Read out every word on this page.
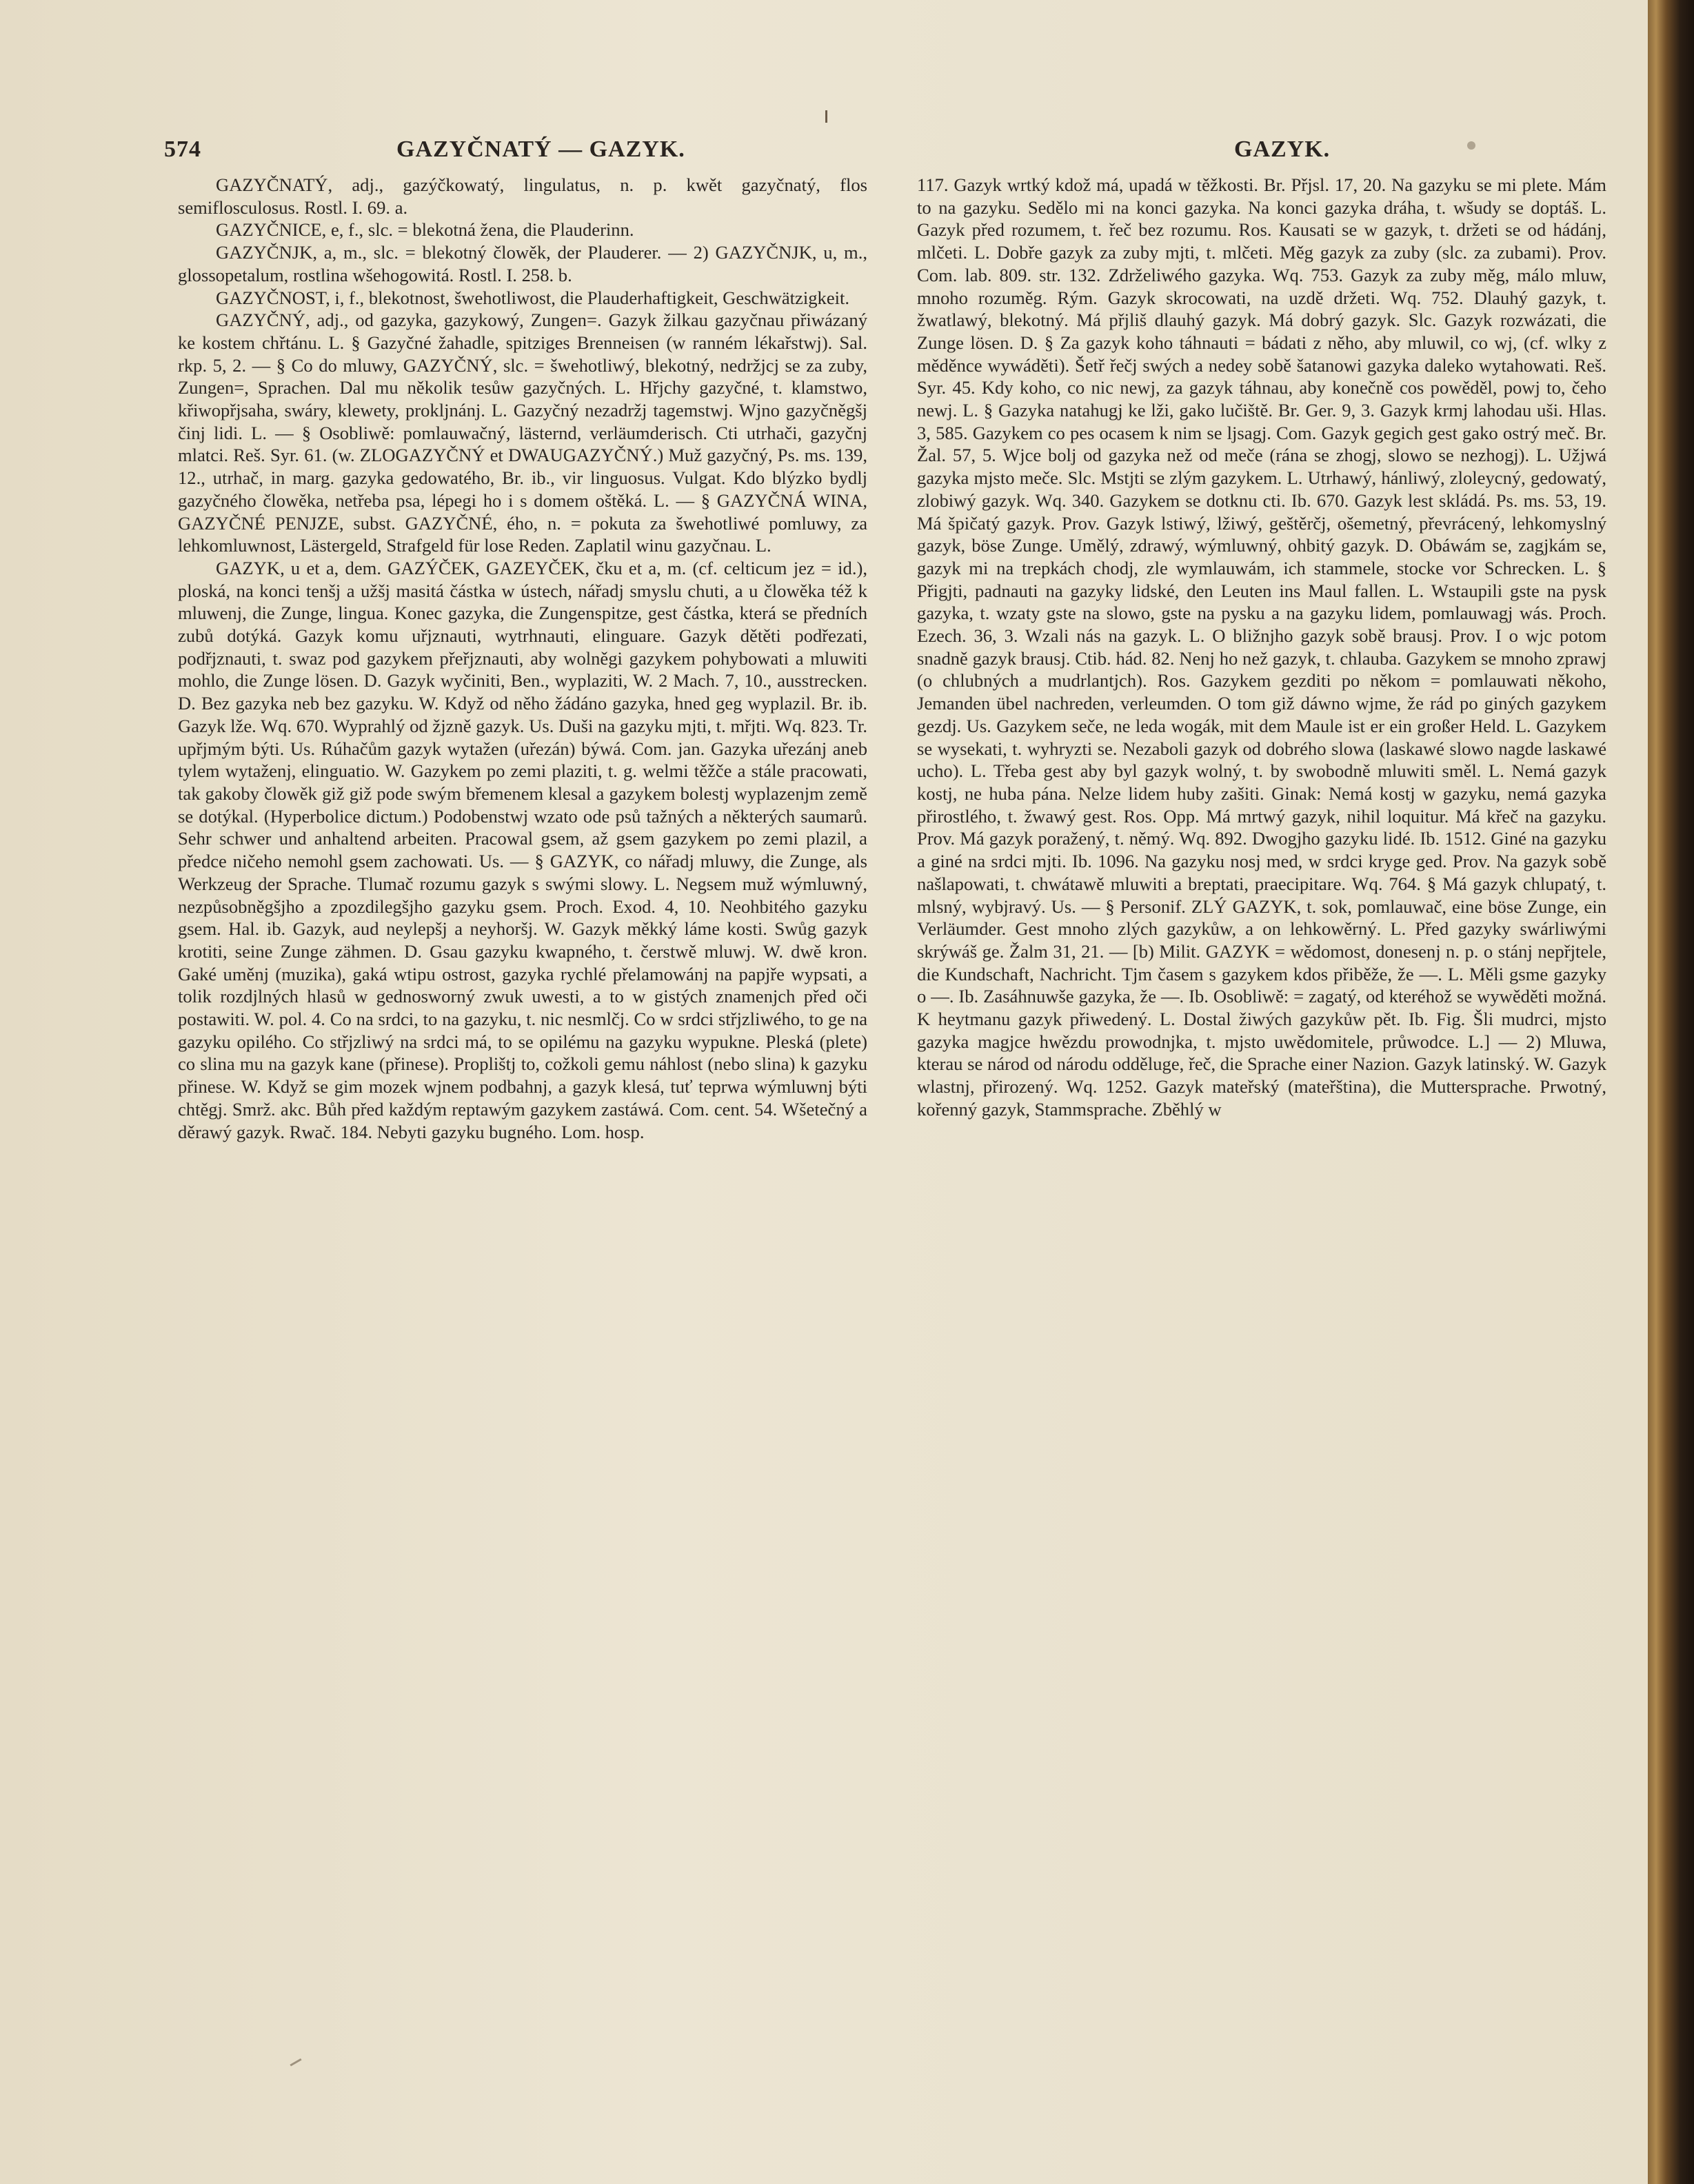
574	GAZYČNATÝ — GAZYK.	GAZYK.

GAZYČNATÝ, adj., gazýčkowatý, lingulatus, n. p. kwět gazyčnatý, flos semiflosculosus. Rostl. I. 69. a.

GAZYČNICE, e, f., slc. = blekotná žena, die Plauderinn.

GAZYČNJK, a, m., slc. = blekotný člowěk, der Plauderer. — 2) GAZYČNJK, u, m., glossopetalum, rostlina wšehogowitá. Rostl. I. 258. b.

GAZYČNOST, i, f., blekotnost, šwehotliwost, die Plauderhaftigkeit, Geschwätzigkeit.

GAZYČNÝ, adj., od gazyka, gazykowý, Zungen=. Gazyk žilkau gazyčnau přiwázaný ke kostem chřtánu. L. § Gazyčné žahadle, spitziges Brenneisen (w ranném lékařstwj). Sal. rkp. 5, 2. — § Co do mluwy, GAZYČNÝ, slc. = šwehotliwý, blekotný, nedržjcj se za zuby, Zungen=, Sprachen. Dal mu několik tesůw gazyčných. L. Hřjchy gazyčné, t. klamstwo, křiwopřjsaha, swáry, klewety, prokljnánj. L. Gazyčný nezadržj tagemstwj. Wjno gazyčněgšj činj lidi. L. — § Osobliwě: pomlauwačný, lästernd, verläumderisch. Cti utrhači, gazyčnj mlatci. Reš. Syr. 61. (w. ZLOGAZYČNÝ et DWAUGAZYČNÝ.) Muž gazyčný, Ps. ms. 139, 12., utrhač, in marg. gazyka gedowatého, Br. ib., vir linguosus. Vulgat. Kdo blýzko bydlj gazyčného člowěka, netřeba psa, lépegi ho i s domem oštěká. L. — § GAZYČNÁ WINA, GAZYČNÉ PENJZE, subst. GAZYČNÉ, ého, n. = pokuta za šwehotliwé pomluwy, za lehkomluwnost, Lästergeld, Strafgeld für lose Reden. Zaplatil winu gazyčnau. L.

GAZYK, u et a, dem. GAZÝČEK, GAZEYČEK, čku et a, m. (cf. celticum jez = id.), ploská, na konci tenšj a užšj masitá částka w ústech, nářadj smyslu chuti, a u člowěka též k mluwenj, die Zunge, lingua. Konec gazyka, die Zungenspitze, gest částka, která se předních zubů dotýká. Gazyk komu uřjznauti, wytrhnauti, elinguare. Gazyk dětěti podřezati, podřjznauti, t. swaz pod gazykem přeřjznauti, aby wolněgi gazykem pohybowati a mluwiti mohlo, die Zunge lösen. D. Gazyk wyčiniti, Ben., wyplaziti, W. 2 Mach. 7, 10., ausstrecken. D. Bez gazyka neb bez gazyku. W. Když od něho žádáno gazyka, hned geg wyplazil. Br. ib. Gazyk lže. Wq. 670. Wyprahlý od žjzně gazyk. Us. Duši na gazyku mjti, t. mřjti. Wq. 823. Tr. upřjmým býti. Us. Rúhačům gazyk wytažen (uřezán) býwá. Com. jan. Gazyka uřezánj aneb tylem wytaženj, elinguatio. W. Gazykem po zemi plaziti, t. g. welmi těžče a stále pracowati, tak gakoby člowěk giž giž pode swým břemenem klesal a gazykem bolestj wyplazenjm země se dotýkal. (Hyperbolice dictum.) Podobenstwj wzato ode psů tažných a některých saumarů. Sehr schwer und anhaltend arbeiten. Pracowal gsem, až gsem gazykem po zemi plazil, a předce ničeho nemohl gsem zachowati. Us. — § GAZYK, co nářadj mluwy, die Zunge, als Werkzeug der Sprache. Tlumač rozumu gazyk s swými slowy. L. Negsem muž wýmluwný, nezpůsobněgšjho a zpozdilegšjho gazyku gsem. Proch. Exod. 4, 10. Neohbitého gazyku gsem. Hal. ib. Gazyk, aud neylepšj a neyhoršj. W. Gazyk měkký láme kosti. Swůg gazyk krotiti, seine Zunge zähmen. D. Gsau gazyku kwapného, t. čerstwě mluwj. W. dwě kron. Gaké uměnj (muzika), gaká wtipu ostrost, gazyka rychlé přelamowánj na papjře wypsati, a tolik rozdjlných hlasů w gednosworný zwuk uwesti, a to w gistých znamenjch před oči postawiti. W. pol. 4. Co na srdci, to na gazyku, t. nic nesmlčj. Co w srdci střjzliwého, to ge na gazyku opilého. Co střjzliwý na srdci má, to se opilému na gazyku wypukne. Pleská (plete) co slina mu na gazyk kane (přinese). Proplištj to, cožkoli gemu náhlost (nebo slina) k gazyku přinese. W. Když se gim mozek wjnem podbahnj, a gazyk klesá, tuť teprwa wýmluwnj býti chtěgj. Smrž. akc. Bůh před každým reptawým gazykem zastáwá. Com. cent. 54. Wšetečný a děrawý gazyk. Rwač. 184. Nebyti gazyku bugného. Lom. hosp.

117. Gazyk wrtký kdož má, upadá w těžkosti. Br. Přjsl. 17, 20. Na gazyku se mi plete. Mám to na gazyku. Sedělo mi na konci gazyka. Na konci gazyka dráha, t. wšudy se doptáš. L. Gazyk před rozumem, t. řeč bez rozumu. Ros. Kausati se w gazyk, t. držeti se od hádánj, mlčeti. L. Dobře gazyk za zuby mjti, t. mlčeti. Měg gazyk za zuby (slc. za zubami). Prov. Com. lab. 809. str. 132. Zdrželiwého gazyka. Wq. 753. Gazyk za zuby měg, málo mluw, mnoho rozuměg. Rým. Gazyk skrocowati, na uzdě držeti. Wq. 752. Dlauhý gazyk, t. žwatlawý, blekotný. Má přjliš dlauhý gazyk. Má dobrý gazyk. Slc. Gazyk rozwázati, die Zunge lösen. D. § Za gazyk koho táhnauti = bádati z něho, aby mluwil, co wj, (cf. wlky z měděnce wywáděti). Šetř řečj swých a nedey sobě šatanowi gazyka daleko wytahowati. Reš. Syr. 45. Kdy koho, co nic newj, za gazyk táhnau, aby konečně cos powěděl, powj to, čeho newj. L. § Gazyka natahugj ke lži, gako lučiště. Br. Ger. 9, 3. Gazyk krmj lahodau uši. Hlas. 3, 585. Gazykem co pes ocasem k nim se ljsagj. Com. Gazyk gegich gest gako ostrý meč. Br. Žal. 57, 5. Wjce bolj od gazyka než od meče (rána se zhogj, slowo se nezhogj). L. Užjwá gazyka mjsto meče. Slc. Mstjti se zlým gazykem. L. Utrhawý, hánliwý, zloleycný, gedowatý, zlobiwý gazyk. Wq. 340. Gazykem se dotknu cti. Ib. 670. Gazyk lest skládá. Ps. ms. 53, 19. Má špičatý gazyk. Prov. Gazyk lstiwý, lžiwý, geštěrčj, ošemetný, převrácený, lehkomyslný gazyk, böse Zunge. Umělý, zdrawý, wýmluwný, ohbitý gazyk. D. Obáwám se, zagjkám se, gazyk mi na trepkách chodj, zle wymlauwám, ich stammele, stocke vor Schrecken. L. § Přigjti, padnauti na gazyky lidské, den Leuten ins Maul fallen. L. Wstaupili gste na pysk gazyka, t. wzaty gste na slowo, gste na pysku a na gazyku lidem, pomlauwagj wás. Proch. Ezech. 36, 3. Wzali nás na gazyk. L. O bližnjho gazyk sobě brausj. Prov. I o wjc potom snadně gazyk brausj. Ctib. hád. 82. Nenj ho než gazyk, t. chlauba. Gazykem se mnoho zprawj (o chlubných a mudrlantjch). Ros. Gazykem gezditi po někom = pomlauwati někoho, Jemanden übel nachreden, verleumden. O tom giž dáwno wjme, že rád po giných gazykem gezdj. Us. Gazykem seče, ne leda wogák, mit dem Maule ist er ein großer Held. L. Gazykem se wysekati, t. wyhryzti se. Nezaboli gazyk od dobrého slowa (laskawé slowo nagde laskawé ucho). L. Třeba gest aby byl gazyk wolný, t. by swobodně mluwiti směl. L. Nemá gazyk kostj, ne huba pána. Nelze lidem huby zašiti. Ginak: Nemá kostj w gazyku, nemá gazyka přirostlého, t. žwawý gest. Ros. Opp. Má mrtwý gazyk, nihil loquitur. Má křeč na gazyku. Prov. Má gazyk poražený, t. němý. Wq. 892. Dwogjho gazyku lidé. Ib. 1512. Giné na gazyku a giné na srdci mjti. Ib. 1096. Na gazyku nosj med, w srdci kryge ged. Prov. Na gazyk sobě našlapowati, t. chwátawě mluwiti a breptati, praecipitare. Wq. 764. § Má gazyk chlupatý, t. mlsný, wybjravý. Us. — § Personif. ZLÝ GAZYK, t. sok, pomlauwač, eine böse Zunge, ein Verläumder. Gest mnoho zlých gazykůw, a on lehkowěrný. L. Před gazyky swárliwými skrýwáš ge. Žalm 31, 21. — [b) Milit. GAZYK = wědomost, donesenj n. p. o stánj nepřjtele, die Kundschaft, Nachricht. Tjm časem s gazykem kdos přiběže, že —. L. Měli gsme gazyky o —. Ib. Zasáhnuwše gazyka, že —. Ib. Osobliwě: = zagatý, od kteréhož se wywěděti možná. K heytmanu gazyk přiwedený. L. Dostal žiwých gazykůw pět. Ib. Fig. Šli mudrci, mjsto gazyka magjce hwězdu prowodnjka, t. mjsto uwědomitele, průwodce. L.] — 2) Mluwa, kterau se národ od národu odděluge, řeč, die Sprache einer Nazion. Gazyk latinský. W. Gazyk wlastnj, přirozený. Wq. 1252. Gazyk mateřský (mateřština), die Muttersprache. Prwotný, kořenný gazyk, Stammsprache. Zběhlý w
